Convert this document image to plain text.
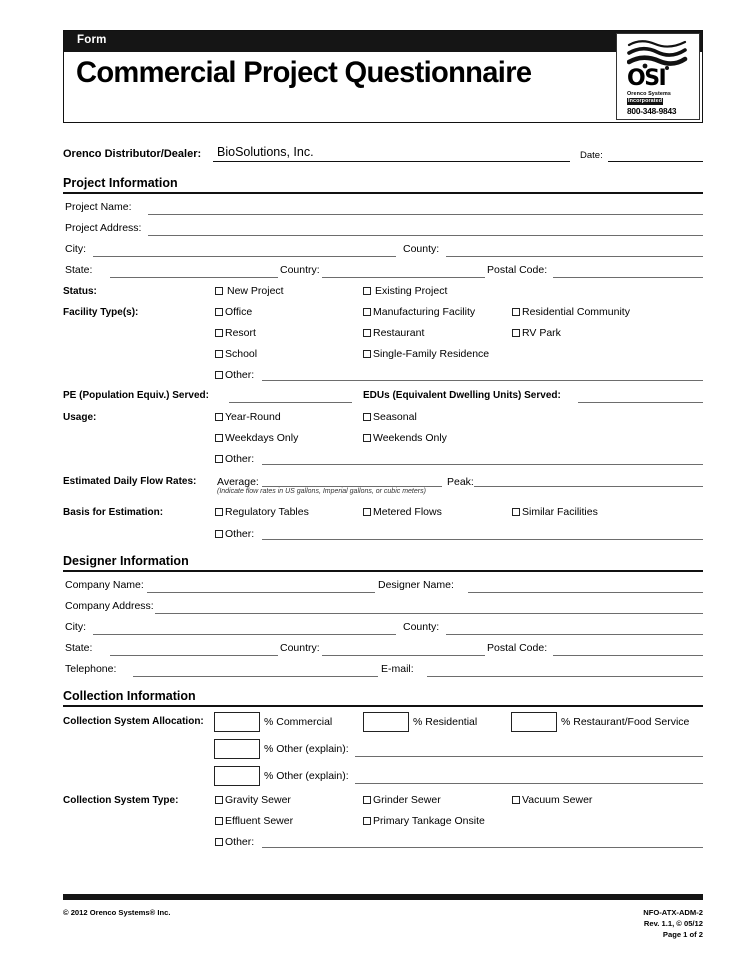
Form
Commercial Project Questionnaire	OSI
Orenco Systems
Incorporated
800-348-9843
Orenco Distributor/Dealer: BioSolutions, Inc.	Date:
Project Information
Project Name:
Project Address:
City:	County:
State:	Country:	Postal Code:
Status:	New Project	Existing Project
Facility Type(s):	Office	Manufacturing Facility	Residential Community
Resort	Restaurant	RV Park
School	Single-Family Residence
Other:
PE (Population Equiv.) Served:	EDUs (Equivalent Dwelling Units) Served:
Usage:	Year-Round	Seasonal
Weekdays Only	Weekends Only
Other:
Estimated Daily Flow Rates: Average:	Peak:
(Indicate flow rates in US gallons, Imperial gallons, or cubic meters)
Basis for Estimation:	Regulatory Tables	Metered Flows	Similar Facilities
Other:
Designer Information
Company Name:	Designer Name:
Company Address:
City:	County:
State:	Country:	Postal Code:
Telephone:	E-mail:
Collection Information
Collection System Allocation:	% Commercial	% Residential	% Restaurant/Food Service
% Other (explain):
% Other (explain):
Collection System Type:	Gravity Sewer	Grinder Sewer	Vacuum Sewer
Effluent Sewer	Primary Tankage Onsite
Other:
© 2012 Orenco Systems® Inc.	NFO-ATX-ADM-2
Rev. 1.1, © 05/12
Page 1 of 2
